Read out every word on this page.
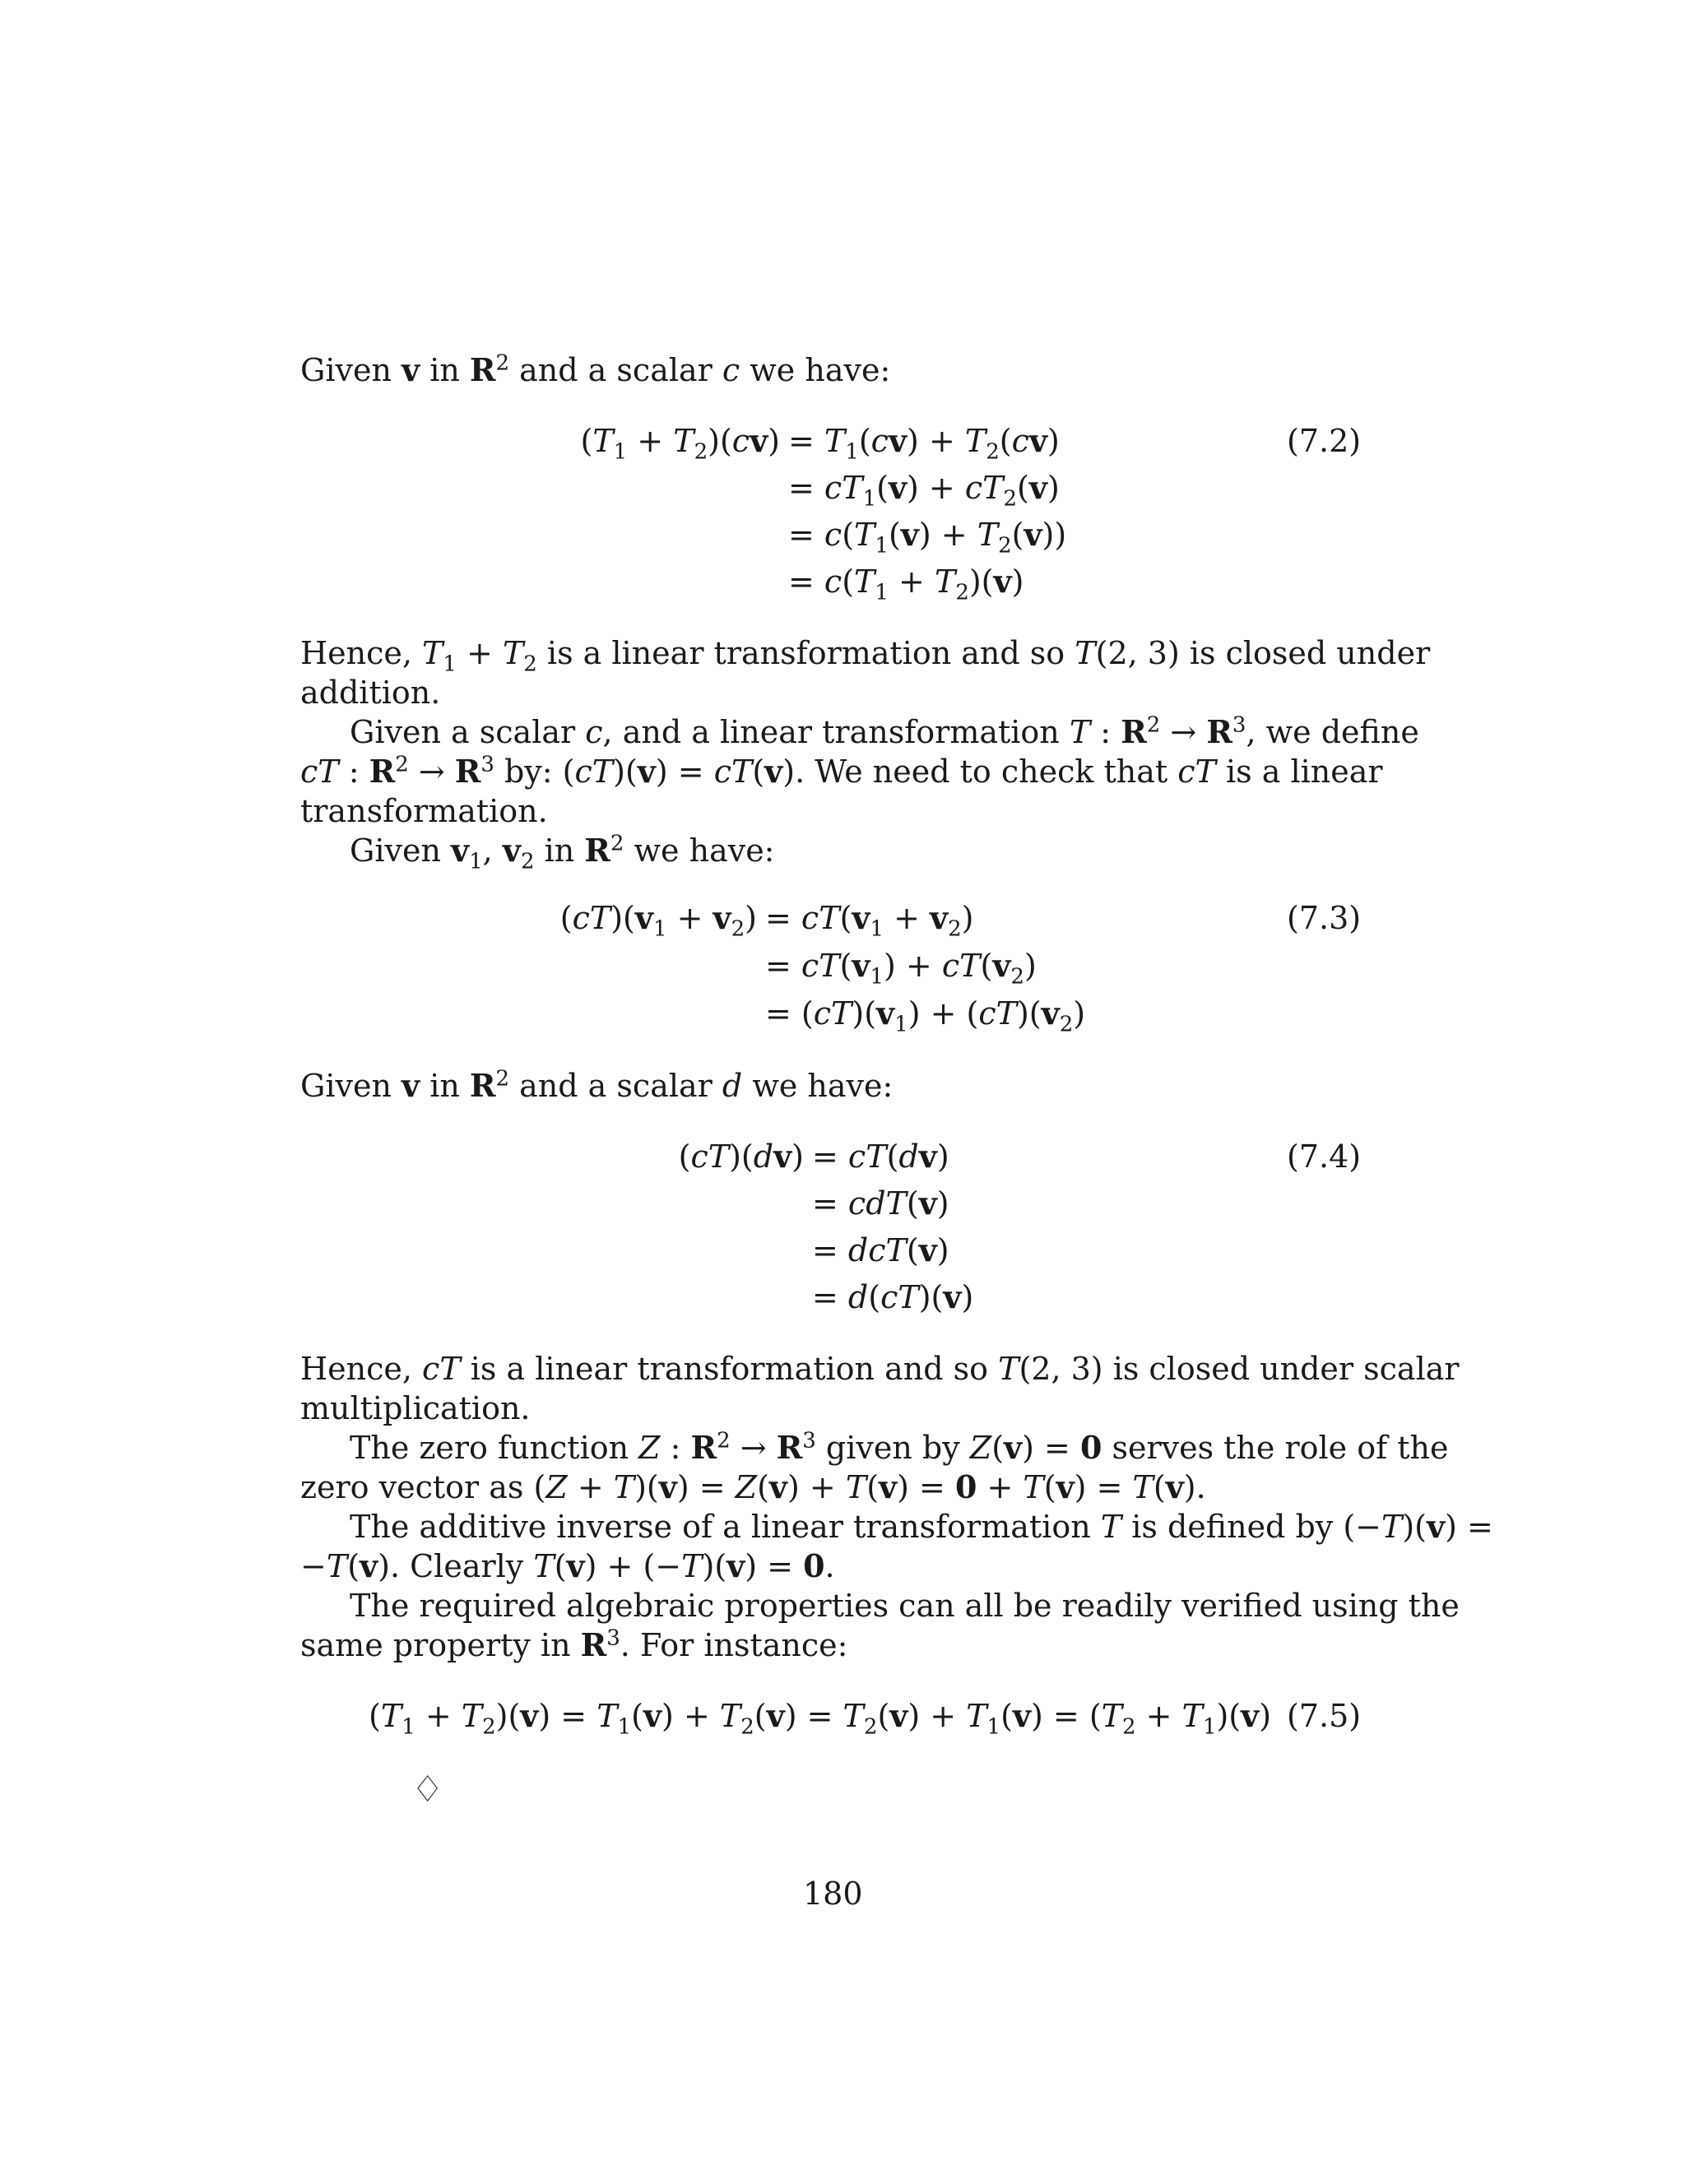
Given v in $R^2$ and a scalar c we have:
$(T_1 + T_2)(cv) = T_1(cv) + T_2(cv)$
= $cT_1(v) + cT_2(v)$
= $c(T_1(v) + T_2(v))$
= $c(T_1 + T_2)(v)$
(7.2)
Hence, $T_1 + T_2$ is a linear transformation and so T(2, 3) is closed under
addition.
Given a scalar c, and a linear transformation T : $R^2 \to R^3$, we define
cT : $R^2 \to R^3$ by: (cT)(v) = cT(v). We need to check that cT is a linear
transformation.
Given $v_1$, $v_2$ in $R^2$ we have:
$(cT)(v_1 + v_2) = cT(v_1 + v_2)$
= $cT(v_1) + cT(v_2)$
= $(cT)(v_1) + (cT)(v_2)$
(7.3)
Given v in $R^2$ and a scalar d we have:
(cT)(dv) = cT(dv)
= cdT(v)
= dcT(v)
= d(cT)(v)
(7.4)
Hence, cT is a linear transformation and so T(2, 3) is closed under scalar
multiplication.
The zero function Z : $R^2 \to R^3$ given by Z(v) = 0 serves the role of the
zero vector as (Z + T)(v) = Z(v) + T(v) = 0 + T(v) = T(v).
The additive inverse of a linear transformation T is defined by (−T)(v) =
−T(v). Clearly T(v) + (−T)(v) = 0.
The required algebraic properties can all be readily verified using the
same property in $R^3$. For instance:
$(T_1 + T_2)(v) = T_1(v) + T_2(v) = T_2(v) + T_1(v) = (T_2 + T_1)(v)$ (7.5)
♢
180
